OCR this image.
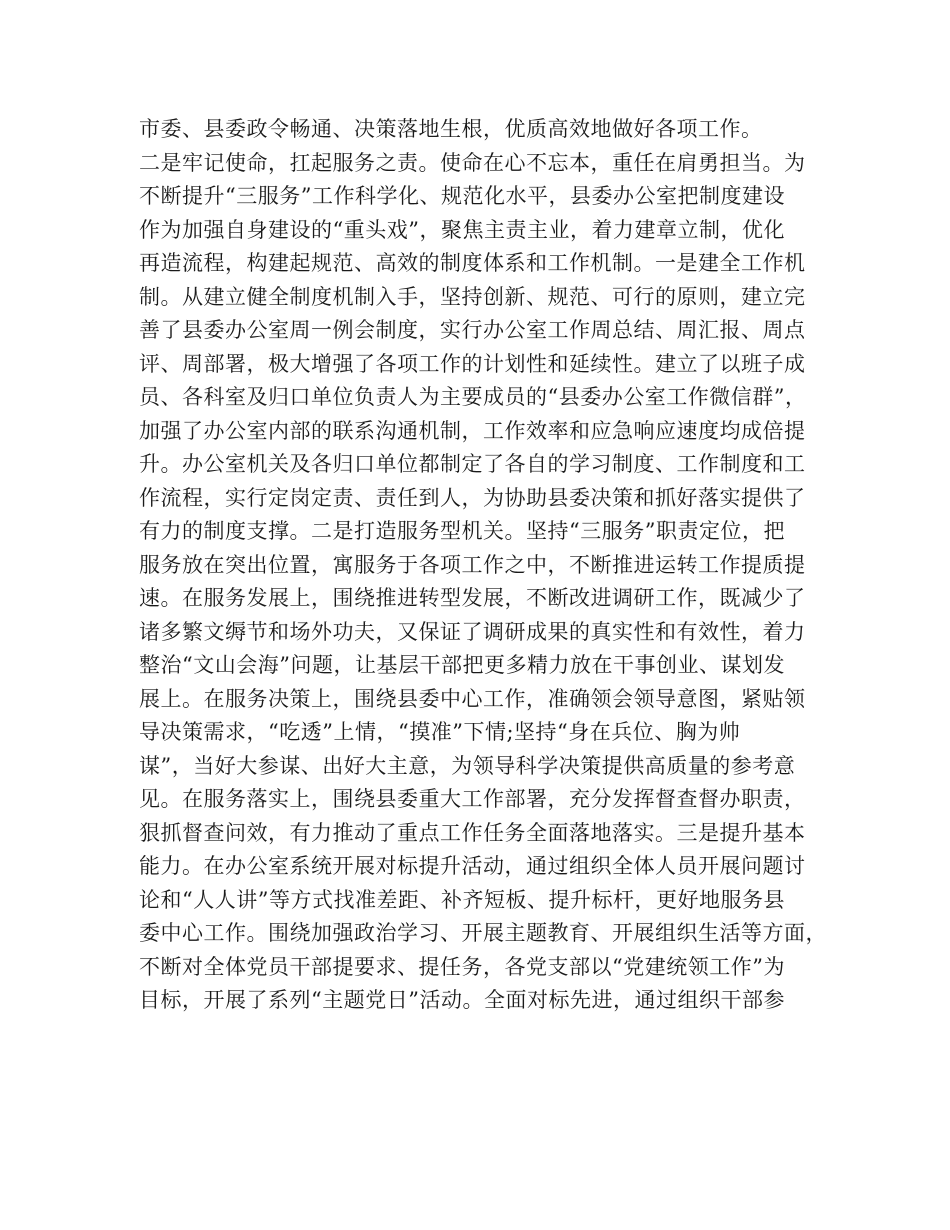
市委、县委政令畅通、决策落地生根，优质高效地做好各项工作。
二是牢记使命，扛起服务之责。使命在心不忘本，重任在肩勇担当。为
不断提升“三服务”工作科学化、规范化水平，县委办公室把制度建设
作为加强自身建设的“重头戏”，聚焦主责主业，着力建章立制，优化
再造流程，构建起规范、高效的制度体系和工作机制。一是建全工作机
制。从建立健全制度机制入手，坚持创新、规范、可行的原则，建立完
善了县委办公室周一例会制度，实行办公室工作周总结、周汇报、周点
评、周部署，极大增强了各项工作的计划性和延续性。建立了以班子成
员、各科室及归口单位负责人为主要成员的“县委办公室工作微信群”，
加强了办公室内部的联系沟通机制，工作效率和应急响应速度均成倍提
升。办公室机关及各归口单位都制定了各自的学习制度、工作制度和工
作流程，实行定岗定责、责任到人，为协助县委决策和抓好落实提供了
有力的制度支撑。二是打造服务型机关。坚持“三服务”职责定位，把
服务放在突出位置，寓服务于各项工作之中，不断推进运转工作提质提
速。在服务发展上，围绕推进转型发展，不断改进调研工作，既减少了
诸多繁文缛节和场外功夫，又保证了调研成果的真实性和有效性，着力
整治“文山会海”问题，让基层干部把更多精力放在干事创业、谋划发
展上。在服务决策上，围绕县委中心工作，准确领会领导意图，紧贴领
导决策需求，“吃透”上情，“摸准”下情;坚持“身在兵位、胸为帅
谋”，当好大参谋、出好大主意，为领导科学决策提供高质量的参考意
见。在服务落实上，围绕县委重大工作部署，充分发挥督查督办职责，
狠抓督查问效，有力推动了重点工作任务全面落地落实。三是提升基本
能力。在办公室系统开展对标提升活动，通过组织全体人员开展问题讨
论和“人人讲”等方式找准差距、补齐短板、提升标杆，更好地服务县
委中心工作。围绕加强政治学习、开展主题教育、开展组织生活等方面，
不断对全体党员干部提要求、提任务，各党支部以“党建统领工作”为
目标，开展了系列“主题党日”活动。全面对标先进，通过组织干部参
